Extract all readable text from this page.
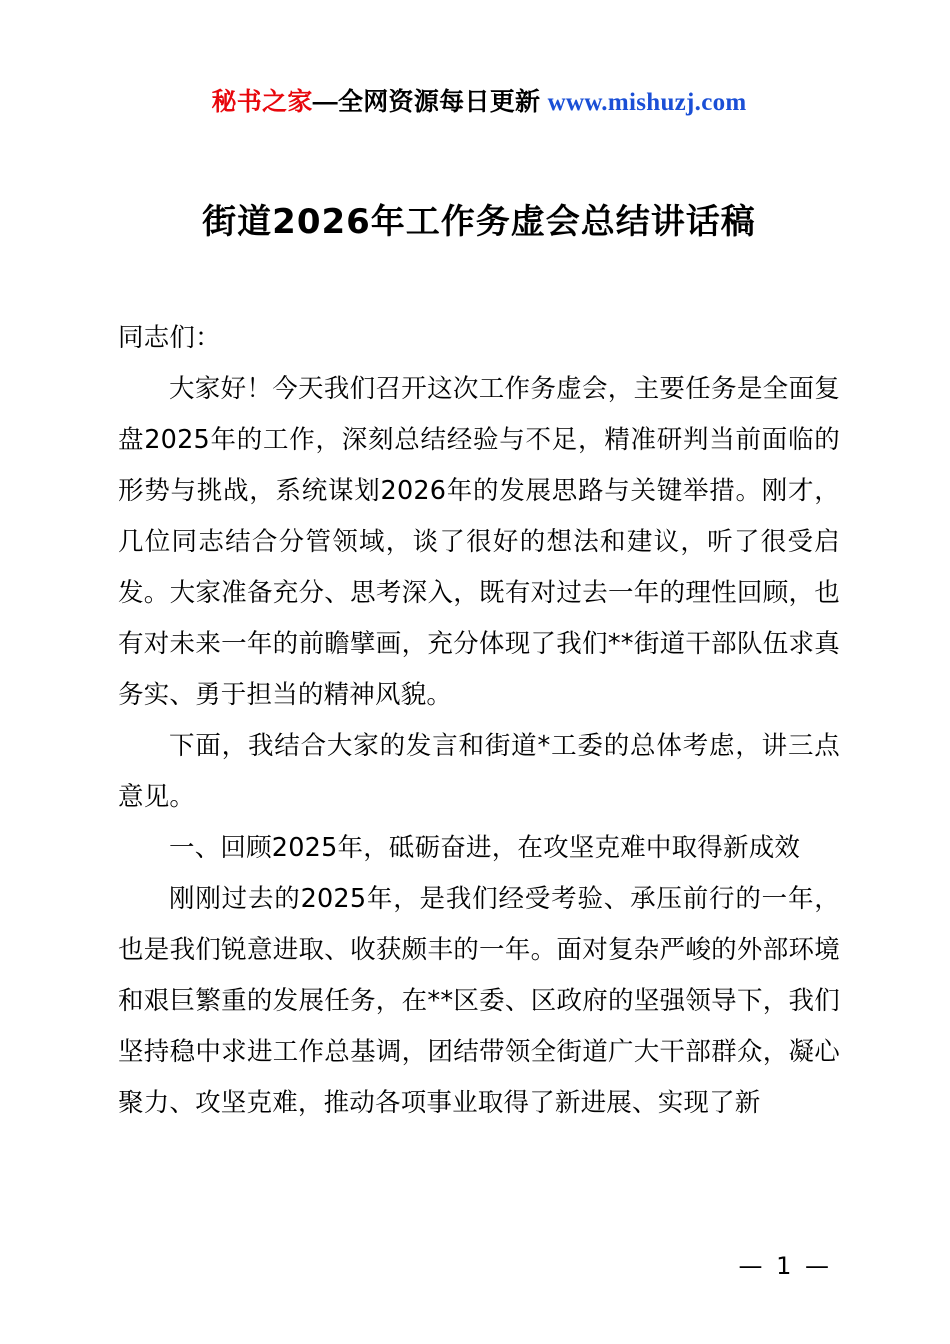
秘书之家—全网资源每日更新 www.mishuzj.com
街道2026年工作务虚会总结讲话稿

同志们：

大家好！今天我们召开这次工作务虚会，主要任务是全面复盘2025年的工作，深刻总结经验与不足，精准研判当前面临的形势与挑战，系统谋划2026年的发展思路与关键举措。刚才，几位同志结合分管领域，谈了很好的想法和建议，听了很受启发。大家准备充分、思考深入，既有对过去一年的理性回顾，也有对未来一年的前瞻擘画，充分体现了我们**街道干部队伍求真务实、勇于担当的精神风貌。

下面，我结合大家的发言和街道*工委的总体考虑，讲三点意见。

一、回顾2025年，砥砺奋进，在攻坚克难中取得新成效

刚刚过去的2025年，是我们经受考验、承压前行的一年，也是我们锐意进取、收获颇丰的一年。面对复杂严峻的外部环境和艰巨繁重的发展任务，在**区委、区政府的坚强领导下，我们坚持稳中求进工作总基调，团结带领全街道广大干部群众，凝心聚力、攻坚克难，推动各项事业取得了新进展、实现了新

— 1 —
